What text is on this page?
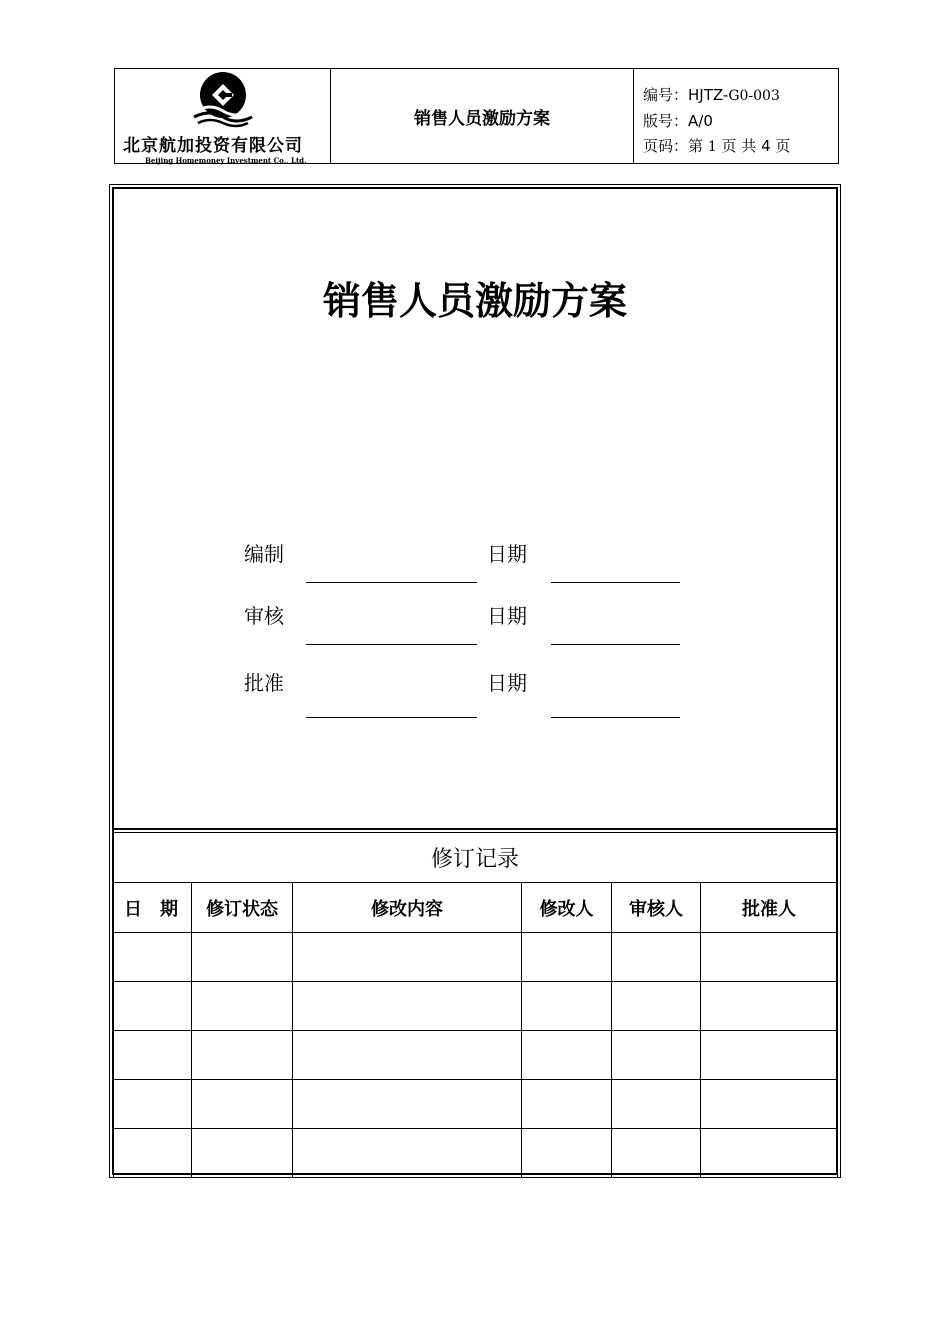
北京航加投资有限公司
Beijing Homemoney Investment Co., Ltd.
销售人员激励方案
编号：HJTZ-G0-003
版号：A/0
页码：第 1 页 共 4 页
销售人员激励方案
编制	日期
审核	日期
批准	日期
修订记录
日　期	修订状态	修改内容	修改人	审核人	批准人
